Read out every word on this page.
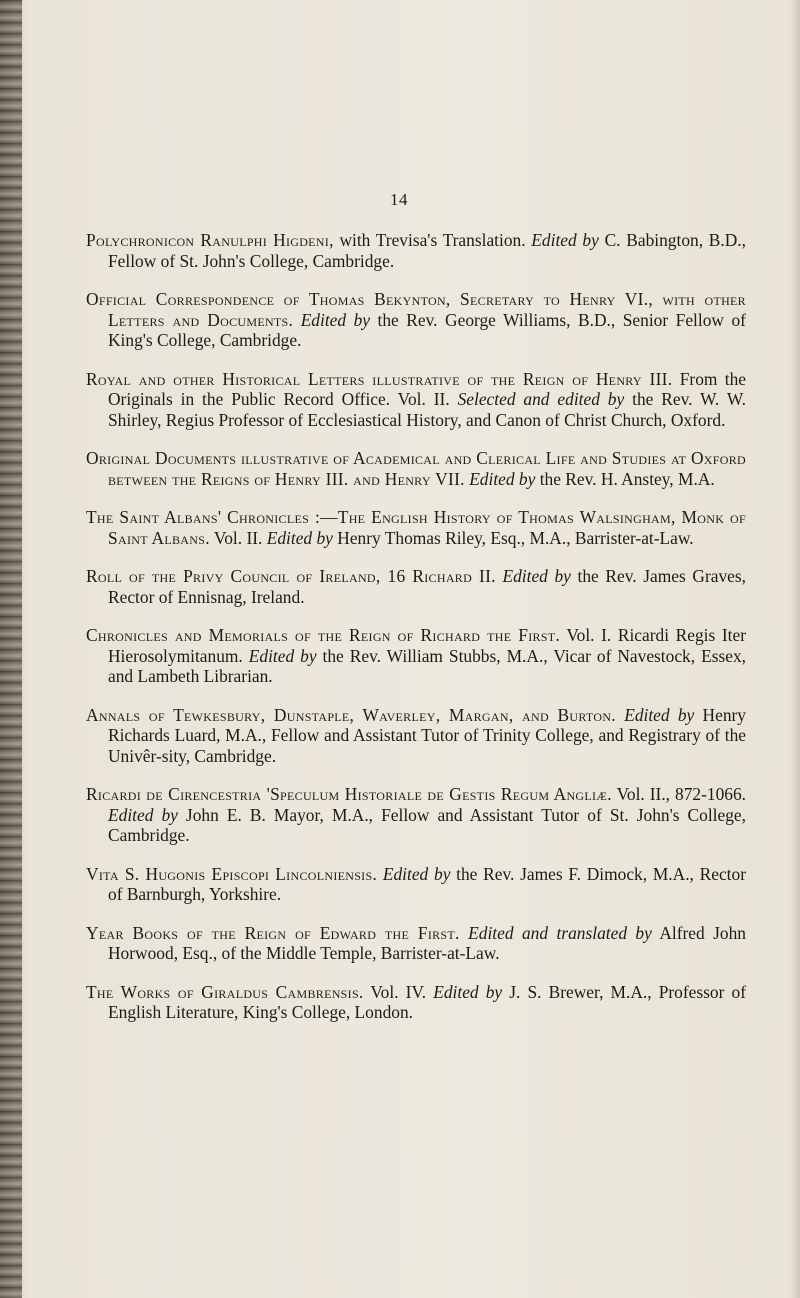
14

Polychronicon Ranulphi Higdeni, with Trevisa's Translation. Edited by C. Babington, B.D., Fellow of St. John's College, Cambridge.

Official Correspondence of Thomas Bekynton, Secretary to Henry VI., with other Letters and Documents. Edited by the Rev. George Williams, B.D., Senior Fellow of King's College, Cambridge.

Royal and other Historical Letters illustrative of the Reign of Henry III. From the Originals in the Public Record Office. Vol. II. Selected and edited by the Rev. W. W. Shirley, Regius Professor of Ecclesiastical History, and Canon of Christ Church, Oxford.

Original Documents illustrative of Academical and Clerical Life and Studies at Oxford between the Reigns of Henry III. and Henry VII. Edited by the Rev. H. Anstey, M.A.

The Saint Albans' Chronicles :—The English History of Thomas Walsingham, Monk of Saint Albans. Vol. II. Edited by Henry Thomas Riley, Esq., M.A., Barrister-at-Law.

Roll of the Privy Council of Ireland, 16 Richard II. Edited by the Rev. James Graves, Rector of Ennisnag, Ireland.

Chronicles and Memorials of the Reign of Richard the First. Vol. I. Ricardi Regis Iter Hierosolymitanum. Edited by the Rev. William Stubbs, M.A., Vicar of Navestock, Essex, and Lambeth Librarian.

Annals of Tewkesbury, Dunstaple, Waverley, Margan, and Burton. Edited by Henry Richards Luard, M.A., Fellow and Assistant Tutor of Trinity College, and Registrary of the Univêr-sity, Cambridge.

Ricardi de Cirencestria 'Speculum Historiale de Gestis Regum Angliæ. Vol. II., 872-1066. Edited by John E. B. Mayor, M.A., Fellow and Assistant Tutor of St. John's College, Cambridge.

Vita S. Hugonis Episcopi Lincolniensis. Edited by the Rev. James F. Dimock, M.A., Rector of Barnburgh, Yorkshire.

Year Books of the Reign of Edward the First. Edited and translated by Alfred John Horwood, Esq., of the Middle Temple, Barrister-at-Law.

The Works of Giraldus Cambrensis. Vol. IV. Edited by J. S. Brewer, M.A., Professor of English Literature, King's College, London.
